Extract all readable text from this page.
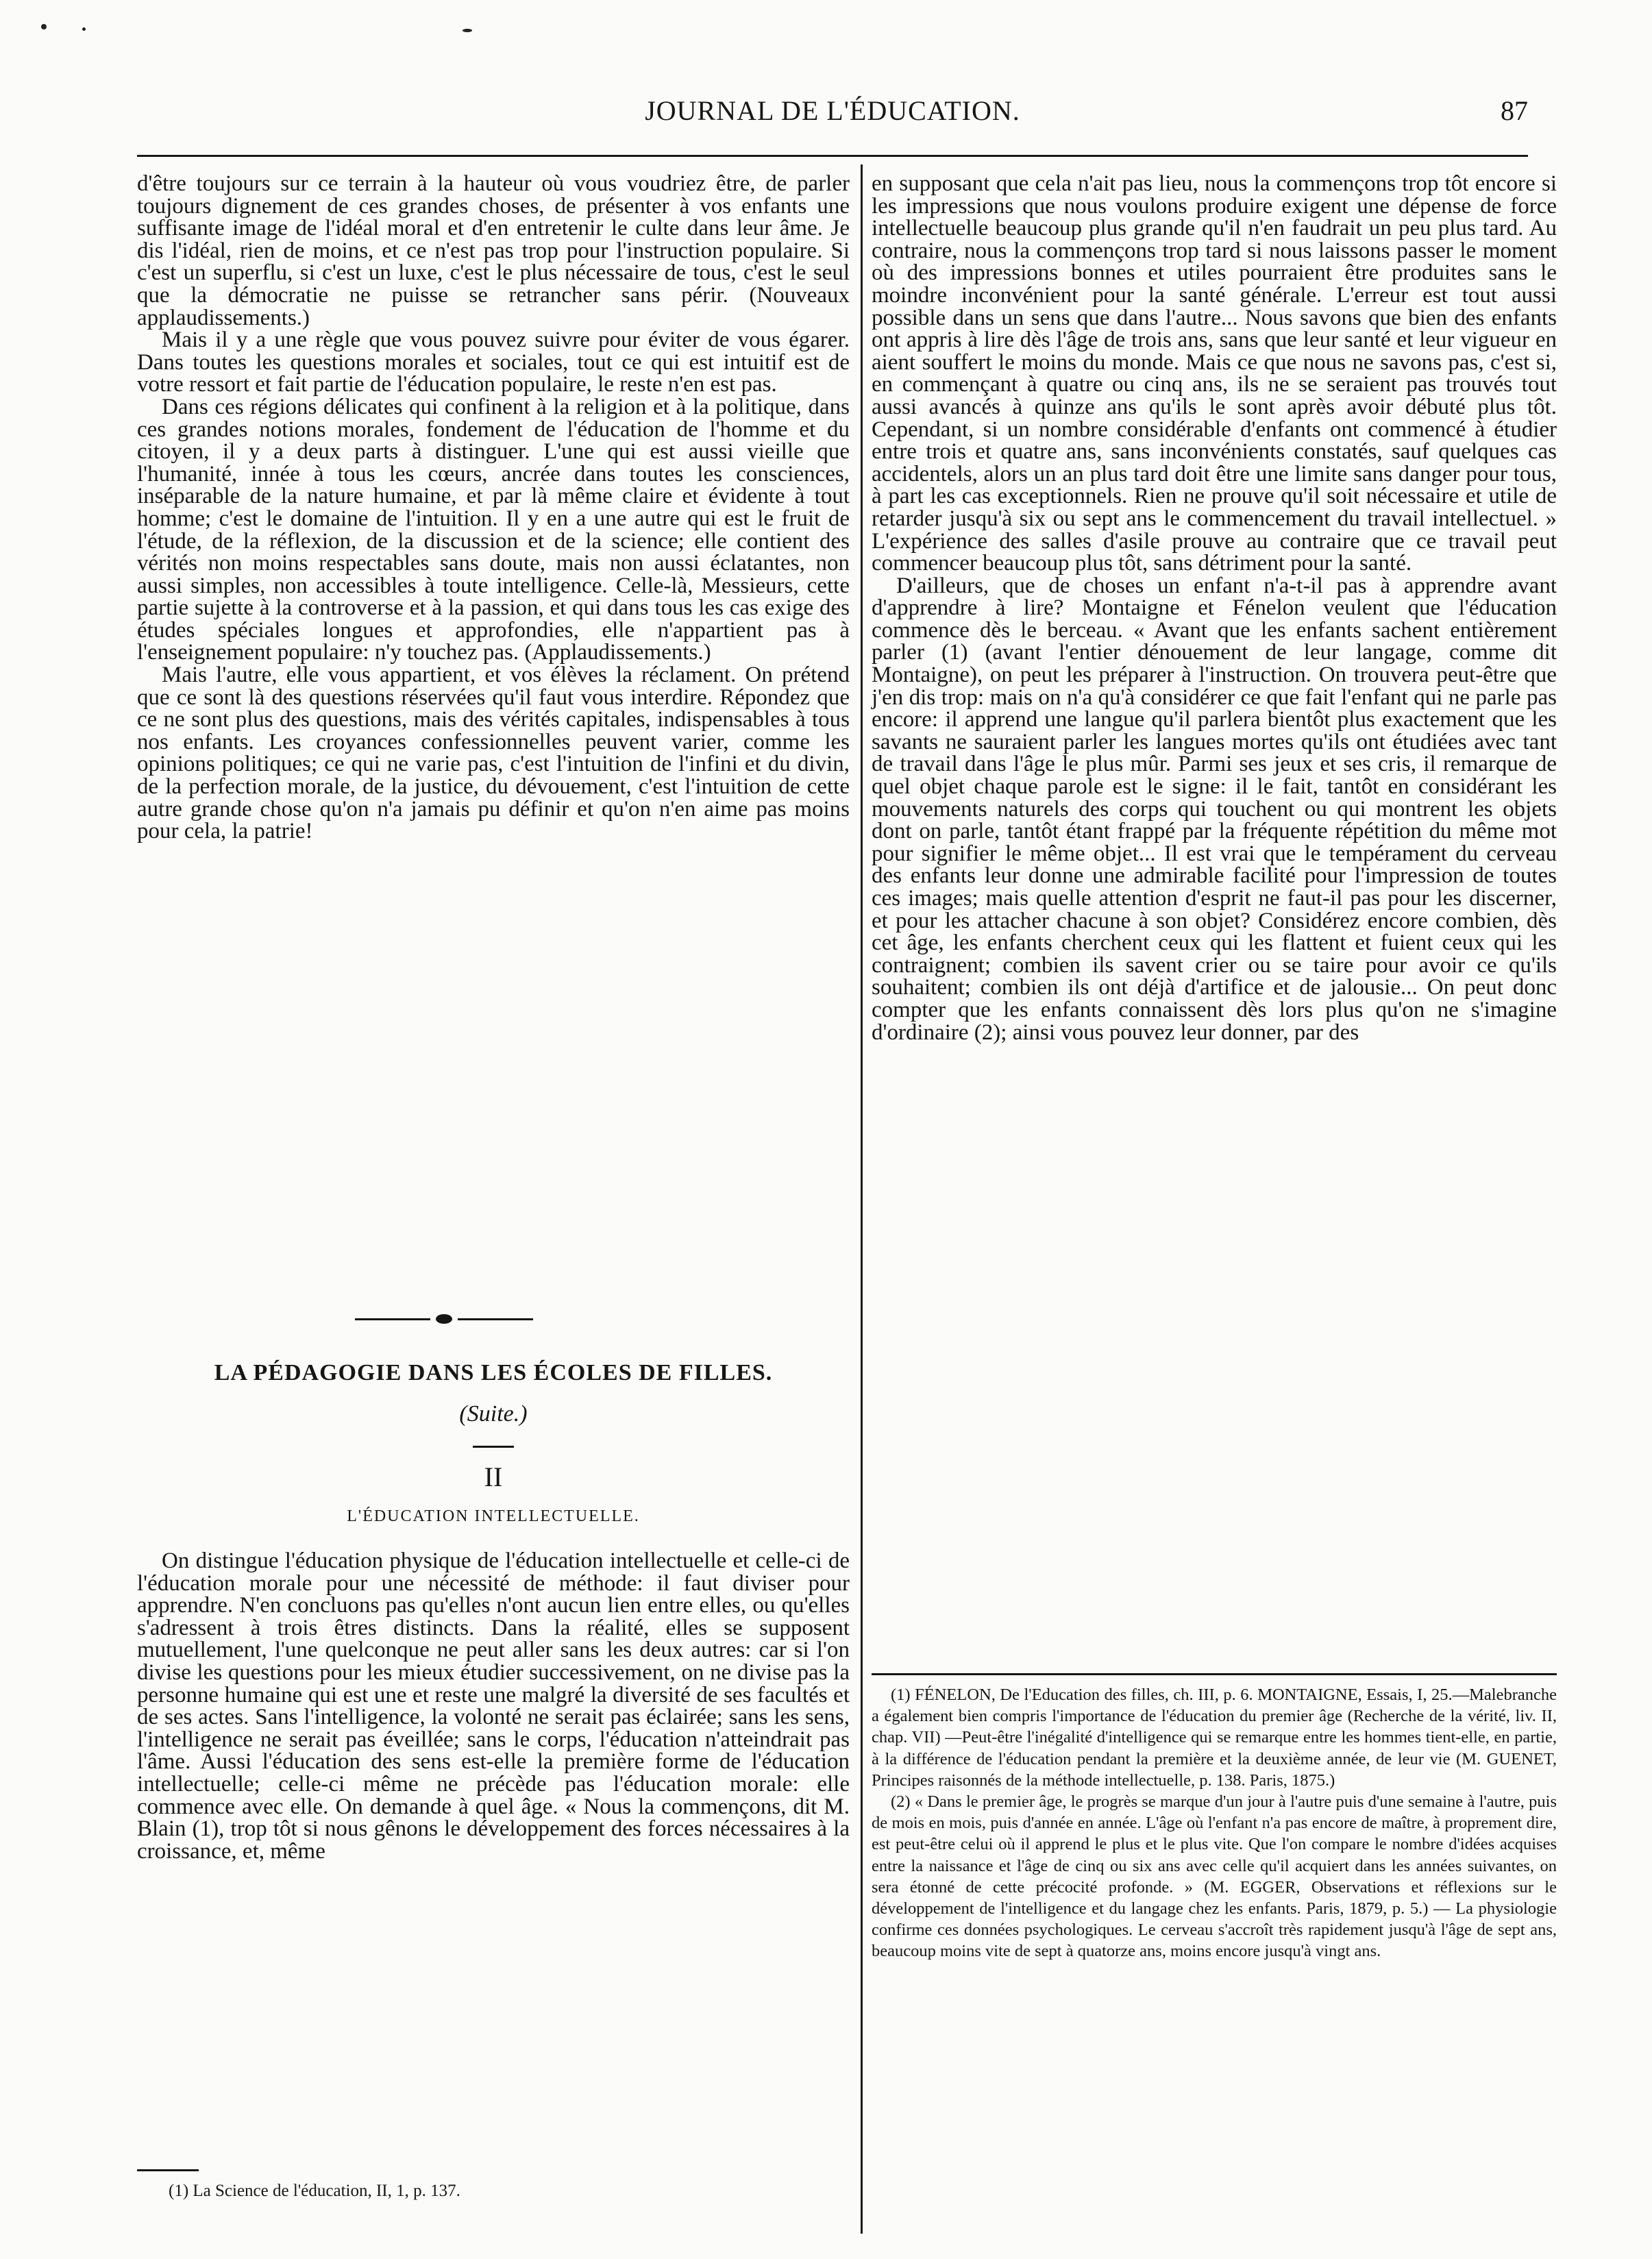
JOURNAL DE L'ÉDUCATION.	87

d'être toujours sur ce terrain à la hauteur où vous voudriez être, de parler toujours dignement de ces grandes choses, de présenter à vos enfants une suffisante image de l'idéal moral et d'en entretenir le culte dans leur âme. Je dis l'idéal, rien de moins, et ce n'est pas trop pour l'instruction populaire. Si c'est un superflu, si c'est un luxe, c'est le plus nécessaire de tous, c'est le seul que la démocratie ne puisse se retrancher sans périr. (Nouveaux applaudissements.)

Mais il y a une règle que vous pouvez suivre pour éviter de vous égarer. Dans toutes les questions morales et sociales, tout ce qui est intuitif est de votre ressort et fait partie de l'éducation populaire, le reste n'en est pas.

Dans ces régions délicates qui confinent à la religion et à la politique, dans ces grandes notions morales, fondement de l'éducation de l'homme et du citoyen, il y a deux parts à distinguer. L'une qui est aussi vieille que l'humanité, innée à tous les cœurs, ancrée dans toutes les consciences, inséparable de la nature humaine, et par là même claire et évidente à tout homme; c'est le domaine de l'intuition. Il y en a une autre qui est le fruit de l'étude, de la réflexion, de la discussion et de la science; elle contient des vérités non moins respectables sans doute, mais non aussi éclatantes, non aussi simples, non accessibles à toute intelligence. Celle-là, Messieurs, cette partie sujette à la controverse et à la passion, et qui dans tous les cas exige des études spéciales longues et approfondies, elle n'appartient pas à l'enseignement populaire: n'y touchez pas. (Applaudissements.)

Mais l'autre, elle vous appartient, et vos élèves la réclament. On prétend que ce sont là des questions réservées qu'il faut vous interdire. Répondez que ce ne sont plus des questions, mais des vérités capitales, indispensables à tous nos enfants. Les croyances confessionnelles peuvent varier, comme les opinions politiques; ce qui ne varie pas, c'est l'intuition de l'infini et du divin, de la perfection morale, de la justice, du dévouement, c'est l'intuition de cette autre grande chose qu'on n'a jamais pu définir et qu'on n'en aime pas moins pour cela, la patrie!

LA PÉDAGOGIE DANS LES ÉCOLES DE FILLES.
(Suite.)
II
L'ÉDUCATION INTELLECTUELLE.

On distingue l'éducation physique de l'éducation intellectuelle et celle-ci de l'éducation morale pour une nécessité de méthode: il faut diviser pour apprendre. N'en concluons pas qu'elles n'ont aucun lien entre elles, ou qu'elles s'adressent à trois êtres distincts. Dans la réalité, elles se supposent mutuellement, l'une quelconque ne peut aller sans les deux autres: car si l'on divise les questions pour les mieux étudier successivement, on ne divise pas la personne humaine qui est une et reste une malgré la diversité de ses facultés et de ses actes. Sans l'intelligence, la volonté ne serait pas éclairée; sans les sens, l'intelligence ne serait pas éveillée; sans le corps, l'éducation n'atteindrait pas l'âme. Aussi l'éducation des sens est-elle la première forme de l'éducation intellectuelle; celle-ci même ne précède pas l'éducation morale: elle commence avec elle. On demande à quel âge. « Nous la commençons, dit M. Blain (1), trop tôt si nous gênons le développement des forces nécessaires à la croissance, et, même

(1) La Science de l'éducation, II, 1, p. 137.

en supposant que cela n'ait pas lieu, nous la commençons trop tôt encore si les impressions que nous voulons produire exigent une dépense de force intellectuelle beaucoup plus grande qu'il n'en faudrait un peu plus tard. Au contraire, nous la commençons trop tard si nous laissons passer le moment où des impressions bonnes et utiles pourraient être produites sans le moindre inconvénient pour la santé générale. L'erreur est tout aussi possible dans un sens que dans l'autre... Nous savons que bien des enfants ont appris à lire dès l'âge de trois ans, sans que leur santé et leur vigueur en aient souffert le moins du monde. Mais ce que nous ne savons pas, c'est si, en commençant à quatre ou cinq ans, ils ne se seraient pas trouvés tout aussi avancés à quinze ans qu'ils le sont après avoir débuté plus tôt. Cependant, si un nombre considérable d'enfants ont commencé à étudier entre trois et quatre ans, sans inconvénients constatés, sauf quelques cas accidentels, alors un an plus tard doit être une limite sans danger pour tous, à part les cas exceptionnels. Rien ne prouve qu'il soit nécessaire et utile de retarder jusqu'à six ou sept ans le commencement du travail intellectuel. » L'expérience des salles d'asile prouve au contraire que ce travail peut commencer beaucoup plus tôt, sans détriment pour la santé.

D'ailleurs, que de choses un enfant n'a-t-il pas à apprendre avant d'apprendre à lire? Montaigne et Fénelon veulent que l'éducation commence dès le berceau. « Avant que les enfants sachent entièrement parler (1) (avant l'entier dénouement de leur langage, comme dit Montaigne), on peut les préparer à l'instruction. On trouvera peut-être que j'en dis trop: mais on n'a qu'à considérer ce que fait l'enfant qui ne parle pas encore: il apprend une langue qu'il parlera bientôt plus exactement que les savants ne sauraient parler les langues mortes qu'ils ont étudiées avec tant de travail dans l'âge le plus mûr. Parmi ses jeux et ses cris, il remarque de quel objet chaque parole est le signe: il le fait, tantôt en considérant les mouvements naturels des corps qui touchent ou qui montrent les objets dont on parle, tantôt étant frappé par la fréquente répétition du même mot pour signifier le même objet... Il est vrai que le tempérament du cerveau des enfants leur donne une admirable facilité pour l'impression de toutes ces images; mais quelle attention d'esprit ne faut-il pas pour les discerner, et pour les attacher chacune à son objet? Considérez encore combien, dès cet âge, les enfants cherchent ceux qui les flattent et fuient ceux qui les contraignent; combien ils savent crier ou se taire pour avoir ce qu'ils souhaitent; combien ils ont déjà d'artifice et de jalousie... On peut donc compter que les enfants connaissent dès lors plus qu'on ne s'imagine d'ordinaire (2); ainsi vous pouvez leur donner, par des

(1) FÉNELON, De l'Education des filles, ch. III, p. 6. MONTAIGNE, Essais, I, 25.—Malebranche a également bien compris l'importance de l'éducation du premier âge (Recherche de la vérité, liv. II, chap. VII) —Peut-être l'inégalité d'intelligence qui se remarque entre les hommes tient-elle, en partie, à la différence de l'éducation pendant la première et la deuxième année, de leur vie (M. GUENET, Principes raisonnés de la méthode intellectuelle, p. 138. Paris, 1875.)

(2) « Dans le premier âge, le progrès se marque d'un jour à l'autre puis d'une semaine à l'autre, puis de mois en mois, puis d'année en année. L'âge où l'enfant n'a pas encore de maître, à proprement dire, est peut-être celui où il apprend le plus et le plus vite. Que l'on compare le nombre d'idées acquises entre la naissance et l'âge de cinq ou six ans avec celle qu'il acquiert dans les années suivantes, on sera étonné de cette précocité profonde. » (M. EGGER, Observations et réflexions sur le développement de l'intelligence et du langage chez les enfants. Paris, 1879, p. 5.) — La physiologie confirme ces données psychologiques. Le cerveau s'accroît très rapidement jusqu'à l'âge de sept ans, beaucoup moins vite de sept à quatorze ans, moins encore jusqu'à vingt ans.
